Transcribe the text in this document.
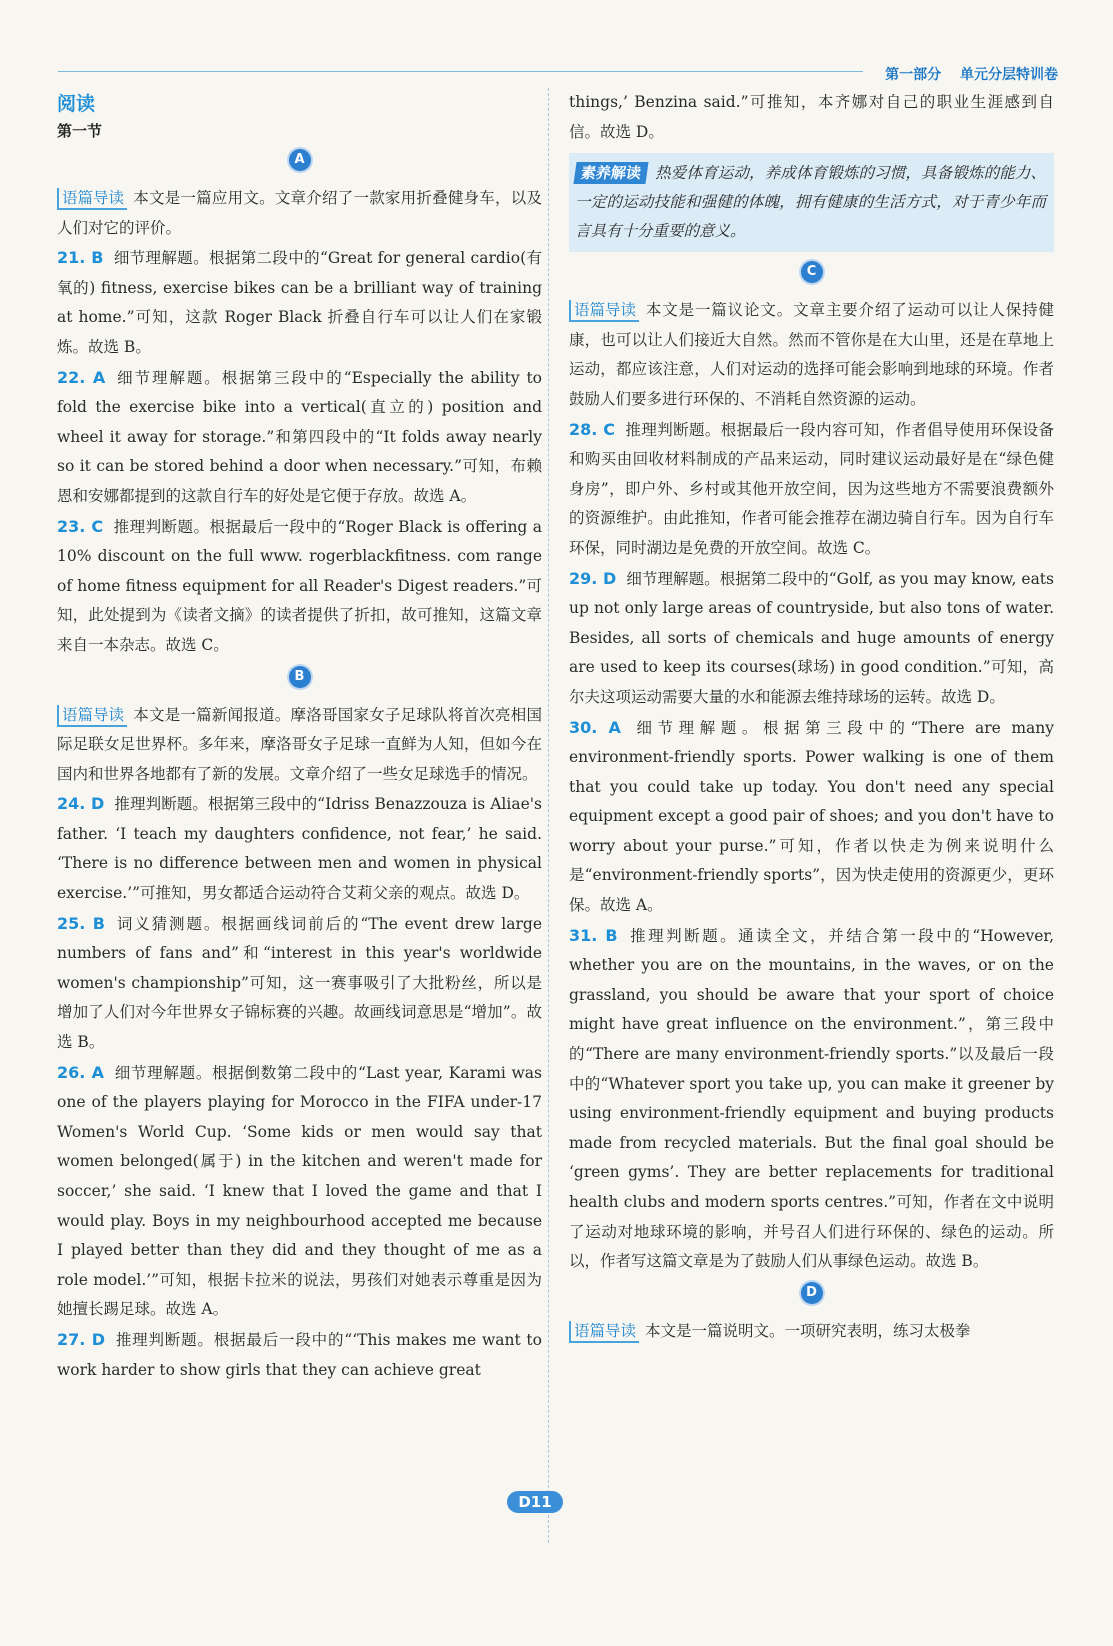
第一部分 单元分层特训卷
阅读
第一节
A

语篇导读 本文是一篇应用文。文章介绍了一款家用折叠健身车，以及人们对它的评价。

21. B 细节理解题。根据第二段中的“Great for general cardio(有氧的) fitness, exercise bikes can be a brilliant way of training at home.”可知，这款 Roger Black 折叠自行车可以让人们在家锻炼。故选 B。

22. A 细节理解题。根据第三段中的“Especially the ability to fold the exercise bike into a vertical(直立的) position and wheel it away for storage.”和第四段中的“It folds away nearly so it can be stored behind a door when necessary.”可知，布赖恩和安娜都提到的这款自行车的好处是它便于存放。故选 A。

23. C 推理判断题。根据最后一段中的“Roger Black is offering a 10% discount on the full www. rogerblackfitness. com range of home fitness equipment for all Reader's Digest readers.”可知，此处提到为《读者文摘》的读者提供了折扣，故可推知，这篇文章来自一本杂志。故选 C。

B

语篇导读 本文是一篇新闻报道。摩洛哥国家女子足球队将首次亮相国际足联女足世界杯。多年来，摩洛哥女子足球一直鲜为人知，但如今在国内和世界各地都有了新的发展。文章介绍了一些女足球选手的情况。

24. D 推理判断题。根据第三段中的“Idriss Benazzouza is Aliae's father. ‘I teach my daughters confidence, not fear,’ he said. ‘There is no difference between men and women in physical exercise.’”可推知，男女都适合运动符合艾莉父亲的观点。故选 D。

25. B 词义猜测题。根据画线词前后的“The event drew large numbers of fans and”和“interest in this year's worldwide women's championship”可知，这一赛事吸引了大批粉丝，所以是增加了人们对今年世界女子锦标赛的兴趣。故画线词意思是“增加”。故选 B。

26. A 细节理解题。根据倒数第二段中的“Last year, Karami was one of the players playing for Morocco in the FIFA under-17 Women's World Cup. ‘Some kids or men would say that women belonged(属于) in the kitchen and weren't made for soccer,’ she said. ‘I knew that I loved the game and that I would play. Boys in my neighbourhood accepted me because I played better than they did and they thought of me as a role model.’”可知，根据卡拉米的说法，男孩们对她表示尊重是因为她擅长踢足球。故选 A。

27. D 推理判断题。根据最后一段中的“‘This makes me want to work harder to show girls that they can achieve great

things,’ Benzina said.”可推知，本齐娜对自己的职业生涯感到自信。故选 D。

素养解读 热爱体育运动，养成体育锻炼的习惯，具备锻炼的能力、一定的运动技能和强健的体魄，拥有健康的生活方式，对于青少年而言具有十分重要的意义。

C

语篇导读 本文是一篇议论文。文章主要介绍了运动可以让人保持健康，也可以让人们接近大自然。然而不管你是在大山里，还是在草地上运动，都应该注意，人们对运动的选择可能会影响到地球的环境。作者鼓励人们要多进行环保的、不消耗自然资源的运动。

28. C 推理判断题。根据最后一段内容可知，作者倡导使用环保设备和购买由回收材料制成的产品来运动，同时建议运动最好是在“绿色健身房”，即户外、乡村或其他开放空间，因为这些地方不需要浪费额外的资源维护。由此推知，作者可能会推荐在湖边骑自行车。因为自行车环保，同时湖边是免费的开放空间。故选 C。

29. D 细节理解题。根据第二段中的“Golf, as you may know, eats up not only large areas of countryside, but also tons of water. Besides, all sorts of chemicals and huge amounts of energy are used to keep its courses(球场) in good condition.”可知，高尔夫这项运动需要大量的水和能源去维持球场的运转。故选 D。

30. A 细节理解题。根据第三段中的“There are many environment-friendly sports. Power walking is one of them that you could take up today. You don't need any special equipment except a good pair of shoes; and you don't have to worry about your purse.”可知，作者以快走为例来说明什么是“environment-friendly sports”，因为快走使用的资源更少，更环保。故选 A。

31. B 推理判断题。通读全文，并结合第一段中的“However, whether you are on the mountains, in the waves, or on the grassland, you should be aware that your sport of choice might have great influence on the environment.”，第三段中的“There are many environment-friendly sports.”以及最后一段中的“Whatever sport you take up, you can make it greener by using environment-friendly equipment and buying products made from recycled materials. But the final goal should be ‘green gyms’. They are better replacements for traditional health clubs and modern sports centres.”可知，作者在文中说明了运动对地球环境的影响，并号召人们进行环保的、绿色的运动。所以，作者写这篇文章是为了鼓励人们从事绿色运动。故选 B。

D

语篇导读 本文是一篇说明文。一项研究表明，练习太极拳

D11
